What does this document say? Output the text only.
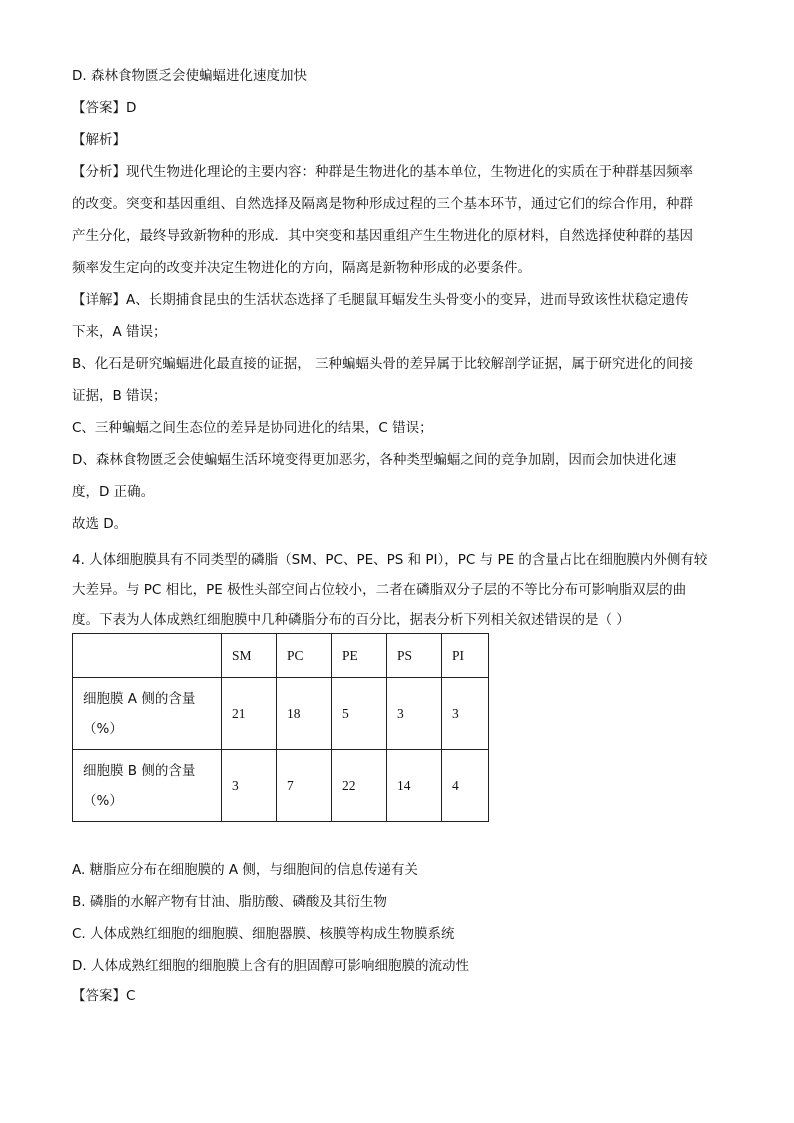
D. 森林食物匮乏会使蝙蝠进化速度加快
【答案】D
【解析】
【分析】现代生物进化理论的主要内容：种群是生物进化的基本单位，生物进化的实质在于种群基因频率
的改变。突变和基因重组、自然选择及隔离是物种形成过程的三个基本环节，通过它们的综合作用，种群
产生分化，最终导致新物种的形成．其中突变和基因重组产生生物进化的原材料，自然选择使种群的基因
频率发生定向的改变并决定生物进化的方向，隔离是新物种形成的必要条件。
【详解】A、长期捕食昆虫的生活状态选择了毛腿鼠耳蝠发生头骨变小的变异，进而导致该性状稳定遗传
下来，A 错误；
B、化石是研究蝙蝠进化最直接的证据， 三种蝙蝠头骨的差异属于比较解剖学证据，属于研究进化的间接
证据，B 错误；
C、三种蝙蝠之间生态位的差异是协同进化的结果，C 错误；
D、森林食物匮乏会使蝙蝠生活环境变得更加恶劣，各种类型蝙蝠之间的竞争加剧，因而会加快进化速
度，D 正确。
故选 D。
4. 人体细胞膜具有不同类型的磷脂（SM、PC、PE、PS 和 PI），PC 与 PE 的含量占比在细胞膜内外侧有较
大差异。与 PC 相比，PE 极性头部空间占位较小，二者在磷脂双分子层的不等比分布可影响脂双层的曲
度。下表为人体成熟红细胞膜中几种磷脂分布的百分比，据表分析下列相关叙述错误的是（ ）
	SM	PC	PE	PS	PI

细胞膜 A 侧的含量
（%）	21	18	5	3	3

细胞膜 B 侧的含量
（%）	3	7	22	14	4
A. 糖脂应分布在细胞膜的 A 侧，与细胞间的信息传递有关
B. 磷脂的水解产物有甘油、脂肪酸、磷酸及其衍生物
C. 人体成熟红细胞的细胞膜、细胞器膜、核膜等构成生物膜系统
D. 人体成熟红细胞的细胞膜上含有的胆固醇可影响细胞膜的流动性
【答案】C
